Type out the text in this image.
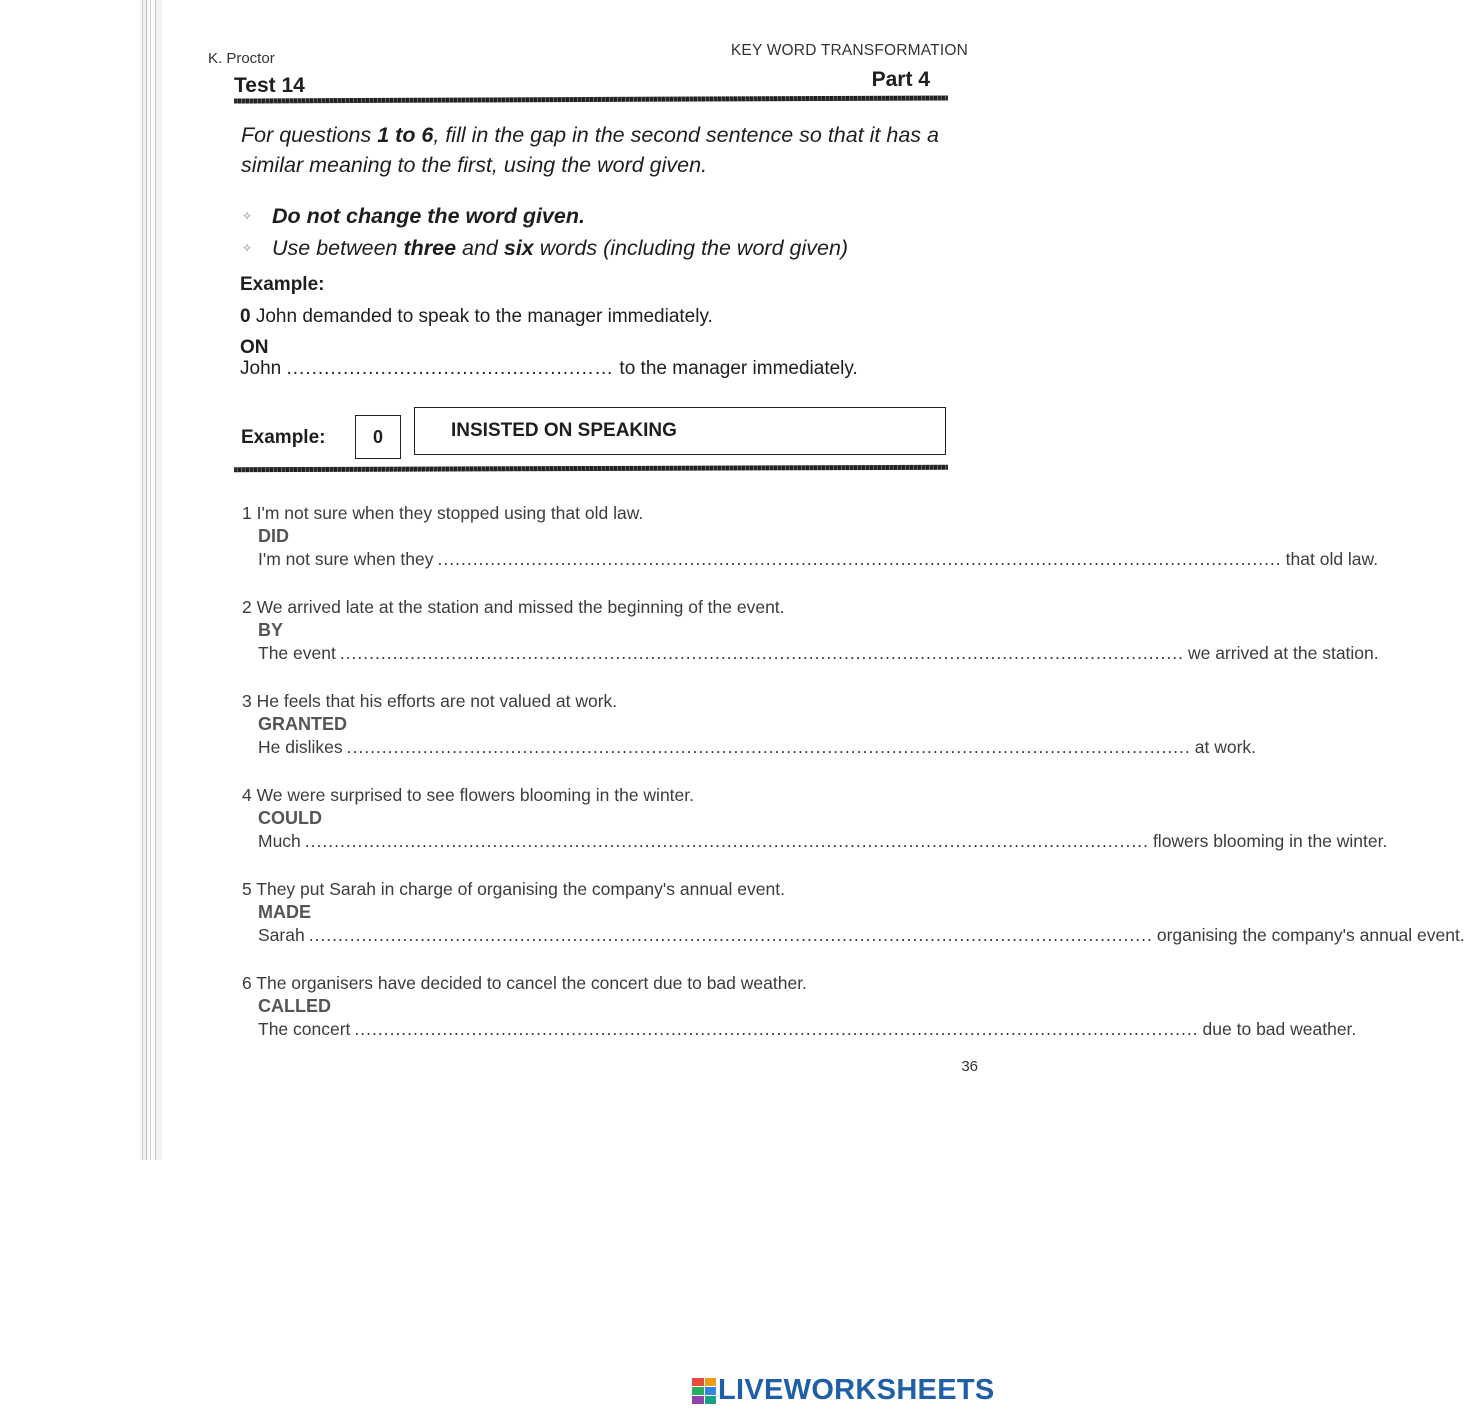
K. Proctor	KEY WORD TRANSFORMATION
Test 14	Part 4
For questions 1 to 6, fill in the gap in the second sentence so that it has a similar meaning to the first, using the word given.
✧ Do not change the word given.
✧ Use between three and six words (including the word given)
Example:
0 John demanded to speak to the manager immediately.
ON
John .................................................… to the manager immediately.
Example:	0	INSISTED ON SPEAKING
1 I'm not sure when they stopped using that old law.
DID
I'm not sure when they ................................................................................................................................................ that old law.
2 We arrived late at the station and missed the beginning of the event.
BY
The event ................................................................................................................................................ we arrived at the station.
3 He feels that his efforts are not valued at work.
GRANTED
He dislikes ................................................................................................................................................ at work.
4 We were surprised to see flowers blooming in the winter.
COULD
Much ................................................................................................................................................ flowers blooming in the winter.
5 They put Sarah in charge of organising the company's annual event.
MADE
Sarah ................................................................................................................................................ organising the company's annual event.
6 The organisers have decided to cancel the concert due to bad weather.
CALLED
The concert ................................................................................................................................................ due to bad weather.
36
LIVEWORKSHEETS
